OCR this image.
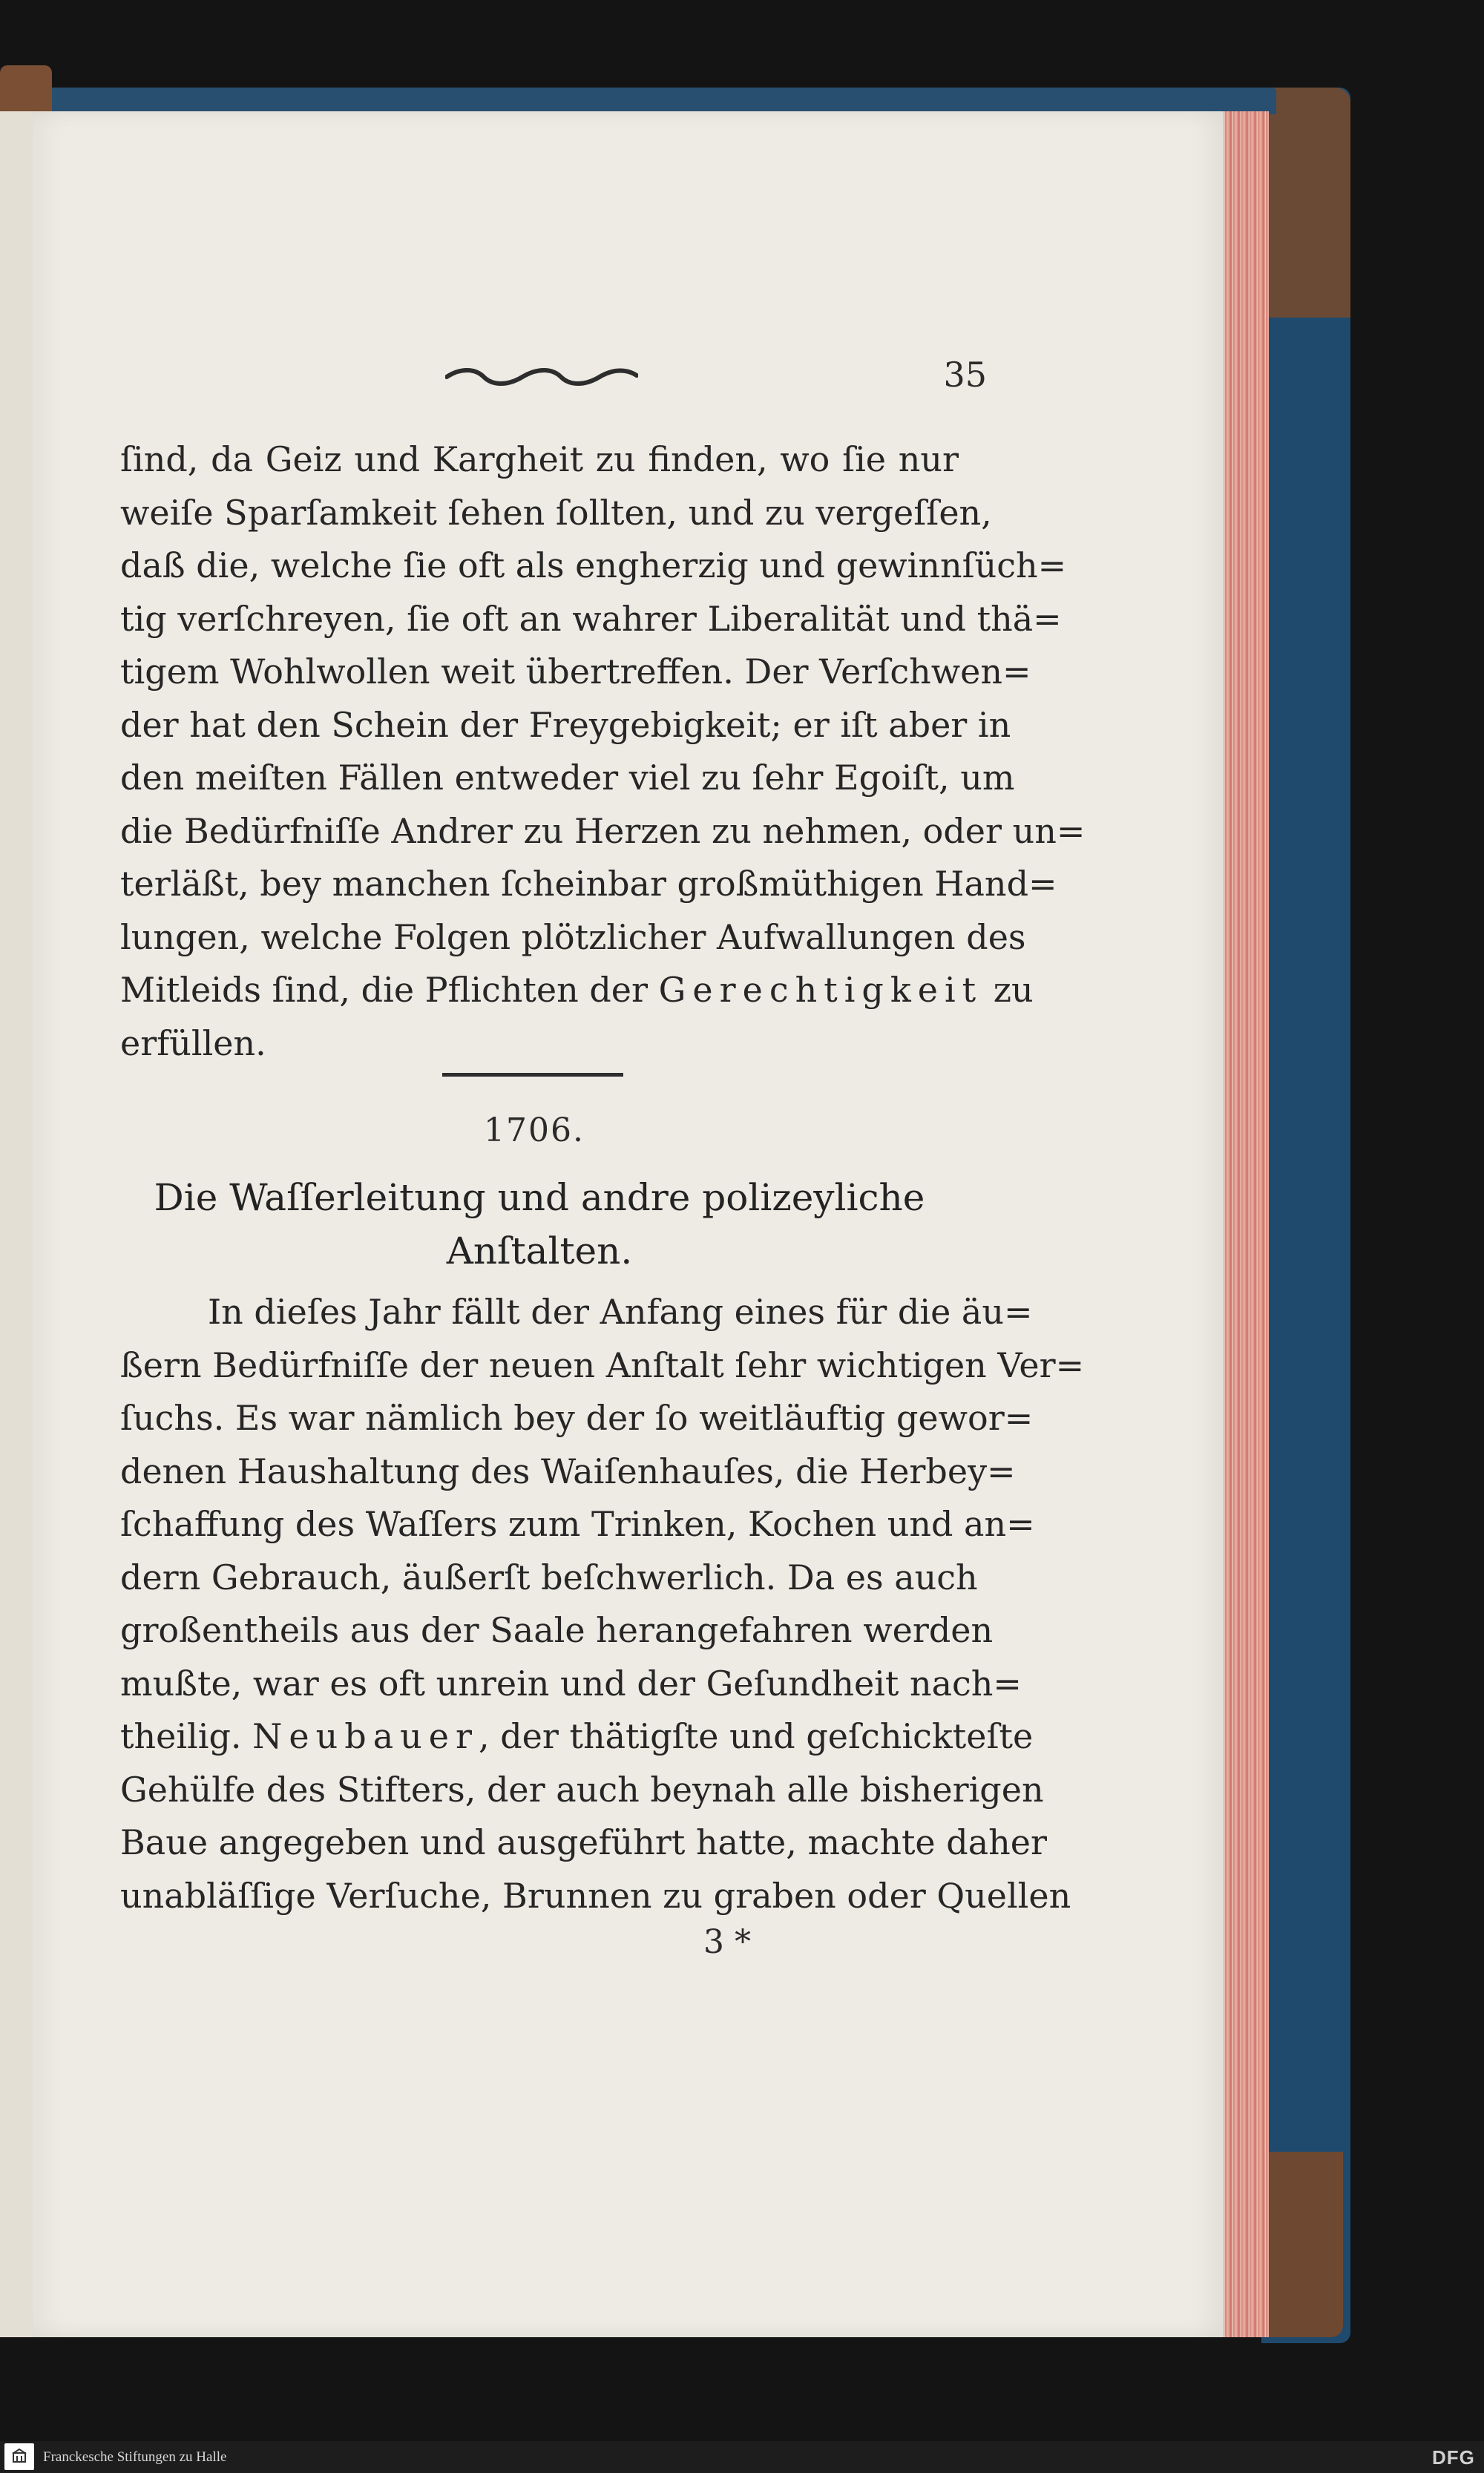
35
ſind, da Geiz und Kargheit zu finden, wo ſie nur
weiſe Sparſamkeit ſehen ſollten, und zu vergeſſen,
daß die, welche ſie oft als engherzig und gewinnſüch=
tig verſchreyen, ſie oft an wahrer Liberalität und thä=
tigem Wohlwollen weit übertreffen. Der Verſchwen=
der hat den Schein der Freygebigkeit; er iſt aber in
den meiſten Fällen entweder viel zu ſehr Egoiſt, um
die Bedürfniſſe Andrer zu Herzen zu nehmen, oder un=
terläßt, bey manchen ſcheinbar großmüthigen Hand=
lungen, welche Folgen plötzlicher Aufwallungen des
Mitleids ſind, die Pflichten der Gerechtigkeit zu
erfüllen.
1706.
Die Waſſerleitung und andre polizeyliche
Anſtalten.
In dieſes Jahr fällt der Anfang eines für die äu=
ßern Bedürfniſſe der neuen Anſtalt ſehr wichtigen Ver=
ſuchs. Es war nämlich bey der ſo weitläuftig gewor=
denen Haushaltung des Waiſenhauſes, die Herbey=
ſchaffung des Waſſers zum Trinken, Kochen und an=
dern Gebrauch, äußerſt beſchwerlich. Da es auch
großentheils aus der Saale herangefahren werden
mußte, war es oft unrein und der Geſundheit nach=
theilig. Neubauer, der thätigſte und geſchickteſte
Gehülfe des Stifters, der auch beynah alle bisherigen
Baue angegeben und ausgeführt hatte, machte daher
unabläſſige Verſuche, Brunnen zu graben oder Quellen
3 *
Franckesche Stiftungen zu Halle	DFG
